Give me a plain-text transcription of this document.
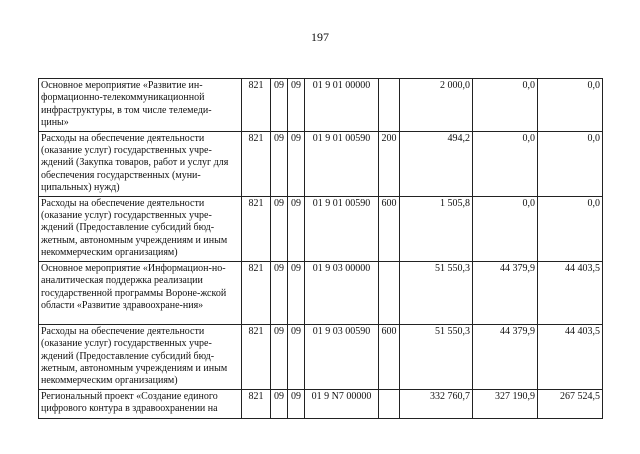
197
Основное мероприятие «Развитие ин-формационно-телекоммуникационной инфраструктуры, в том числе телемеди-цины»	821	09	09	01 9 01 00000		2 000,0	0,0	0,0
Расходы на обеспечение деятельности (оказание услуг) государственных учре-ждений (Закупка товаров, работ и услуг для обеспечения государственных (муни-ципальных) нужд)	821	09	09	01 9 01 00590	200	494,2	0,0	0,0
Расходы на обеспечение деятельности (оказание услуг) государственных учре-ждений (Предоставление субсидий бюд-жетным, автономным учреждениям и иным некоммерческим организациям)	821	09	09	01 9 01 00590	600	1 505,8	0,0	0,0
Основное мероприятие «Информацион-но-аналитическая поддержка реализации государственной программы Вороне-жской области «Развитие здравоохране-ния»	821	09	09	01 9 03 00000		51 550,3	44 379,9	44 403,5
Расходы на обеспечение деятельности (оказание услуг) государственных учре-ждений (Предоставление субсидий бюд-жетным, автономным учреждениям и иным некоммерческим организациям)	821	09	09	01 9 03 00590	600	51 550,3	44 379,9	44 403,5
Региональный проект «Создание единого цифрового контура в здравоохранении на	821	09	09	01 9 N7 00000		332 760,7	327 190,9	267 524,5
